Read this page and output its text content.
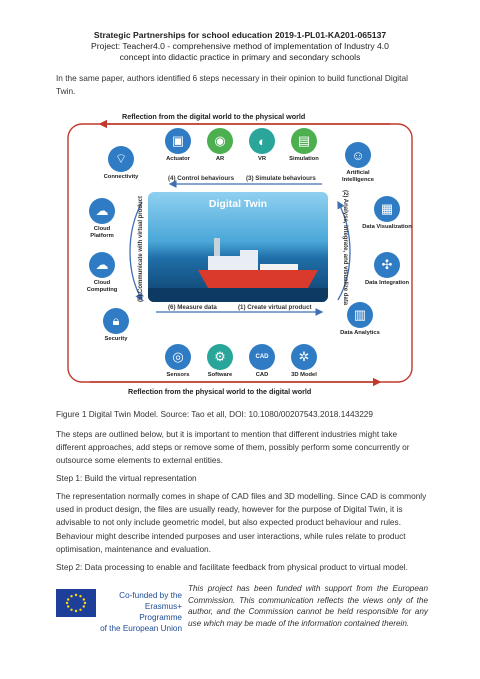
Strategic Partnerships for school education 2019-1-PL01-KA201-065137
Project: Teacher4.0 - comprehensive method of implementation of Industry 4.0
concept into didactic practice in primary and secondary schools
In the same paper, authors identified 6 steps necessary in their opinion to build functional Digital Twin.
Reflection from the digital world to the physical world
Reflection from the physical world to the digital world
▣
Actuator
◉
AR
◐
VR
▤
Simulation	☺
Artificial Intelligence
⌔
Connectivity
☁
Cloud Platform
☁
Cloud Computing
🔒︎
Security
◎
Sensors
⚙
Software
CAD
CAD
✲
3D Model
▦
Data Visualization
✣
Data Integration
▥
Data Analytics
(4) Control behaviours (3) Simulate behaviours
(6) Measure data	(1) Create virtual product
(5) Communicate with virtual product	(2) Analyse, integrate, and visualize data
Digital Twin
Figure 1 Digital Twin Model. Source: Tao et all, DOI: 10.1080/00207543.2018.1443229
The steps are outlined below, but it is important to mention that different industries might take different approaches, add steps or remove some of them, possibly perform some concurrently or outsource some elements to external entities.
Step 1: Build the virtual representation
The representation normally comes in shape of CAD files and 3D modelling. Since CAD is commonly used in product design, the files are usually ready, however for the purpose of Digital Twin, it is advisable to not only include geometric model, but also expected product behaviour and rules. Behaviour might describe intended purposes and user interactions, while rules relate to product optimisation, maintenance and evaluation.
Step 2: Data processing to enable and facilitate feedback from physical product to virtual model.
Co-funded by the
Erasmus+ Programme
of the European Union
This project has been funded with support from the European Commission. This communication reflects the views only of the author, and the Commission cannot be held responsible for any use which may be made of the information contained therein.
